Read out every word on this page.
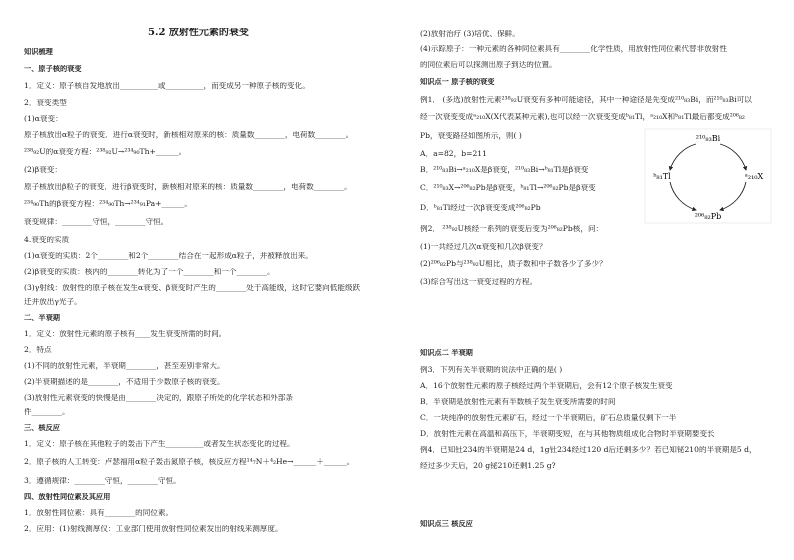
5.2 放射性元素的衰变
知识梳理
一、原子核的衰变
1．定义：原子核自发地放出__________或__________，而变成另一种原子核的变化。
2．衰变类型
(1)α衰变：
原子核放出α粒子的衰变．进行α衰变时，新核相对原来的核：质量数________，电荷数________。
²³⁸₉₂U的α衰变方程：²³⁸₉₂U→²³⁴₉₀Th+______。
(2)β衰变：
原子核放出β粒子的衰变．进行β衰变时，新核相对原来的核：质量数________，电荷数________。
²³⁴₉₀Th的β衰变方程：²³⁴₉₀Th→²³⁴₉₁Pa+______。
衰变规律：________守恒，________守恒。
4.衰变的实质
(1)α衰变的实质：2个________和2个________结合在一起形成α粒子，并被释放出来。
(2)β衰变的实质：核内的________转化为了一个________和一个________。
(3)γ射线：放射性的原子核在发生α衰变、β衰变时产生的________处于高能级，这时它要向低能级跃
迁并放出γ光子。
二、半衰期
1．定义：放射性元素的原子核有____发生衰变所需的时间。
2．特点
(1)不同的放射性元素，半衰期________，甚至差别非常大。
(2)半衰期描述的是________，不适用于少数原子核的衰变。
(3)放射性元素衰变的快慢是由________决定的，跟原子所处的化学状态和外部条
件________。
三、核反应
1．定义：原子核在其他粒子的轰击下产生__________或者发生状态变化的过程。
2．原子核的人工转变：卢瑟福用α粒子轰击氮原子核，核反应方程¹⁴₇N＋⁴₂He→______＋______。
3．遵循规律：________守恒，________守恒。
四、放射性同位素及其应用
1．放射性同位素：具有________的同位素。
2．应用：(1)射线测厚仪：工业部门使用放射性同位素发出的射线来测厚度。
(2)放射治疗 (3)培优、保鲜。
(4)示踪原子：一种元素的各种同位素具有________化学性质，用放射性同位素代替非放射性
的同位素后可以探测出原子到达的位置。
知识点一 原子核的衰变
例1． (多选)放射性元素²³⁸₉₂U衰变有多种可能途径，其中一种途径是先变成²¹⁰₈₃Bi，而²¹⁰₈₃Bi可以
经一次衰变变成ᵃ₂₁₀X(X代表某种元素),也可以经一次衰变变成ᵇ₈₁Tl，ᵃ₂₁₀X和ᵇ₈₁Tl最后都变成²⁰⁶₈₂
Pb，衰变路径如图所示，则( )
A．a=82，b=211
B．²¹⁰₈₃Bi→ᵃ₂₁₀X是β衰变，²¹⁰₈₃Bi→ᵇ₈₁Tl是β衰变
C．²¹⁰₈₃X→²⁰⁶₈₂Pb是β衰变，ᵇ₈₁Tl→²⁰⁶₈₂Pb是β衰变
D．ᵇ₈₁Tl经过一次β衰变变成²⁰⁶₈₂Pb
例2． ²³⁸₉₂U核经一系列的衰变后变为²⁰⁶₈₂Pb核，问：
(1)一共经过几次α衰变和几次β衰变？
(2)²⁰⁶₈₂Pb与²³⁸₉₂U相比，质子数和中子数各少了多少？
(3)综合写出这一衰变过程的方程。
知识点二 半衰期
例3．下列有关半衰期的说法中正确的是( )
A．16个放射性元素的原子核经过两个半衰期后，会有12个原子核发生衰变
B．半衰期是放射性元素有半数核子发生衰变所需要的时间
C．一块纯净的放射性元素矿石，经过一个半衰期后，矿石总质量仅剩下一半
D．放射性元素在高温和高压下，半衰期变短，在与其他物质组成化合物时半衰期要变长
例4．已知钍234的半衰期是24 d，1g钍234经过120 d后还剩多少？若已知铋210的半衰期是5 d，
经过多少天后，20 g铋210还剩1.25 g?
知识点三 核反应
²¹⁰₈₃Bi
ᵃ₂₁₀X
²⁰⁶₈₂Pb
ᵇ₈₁Tl
